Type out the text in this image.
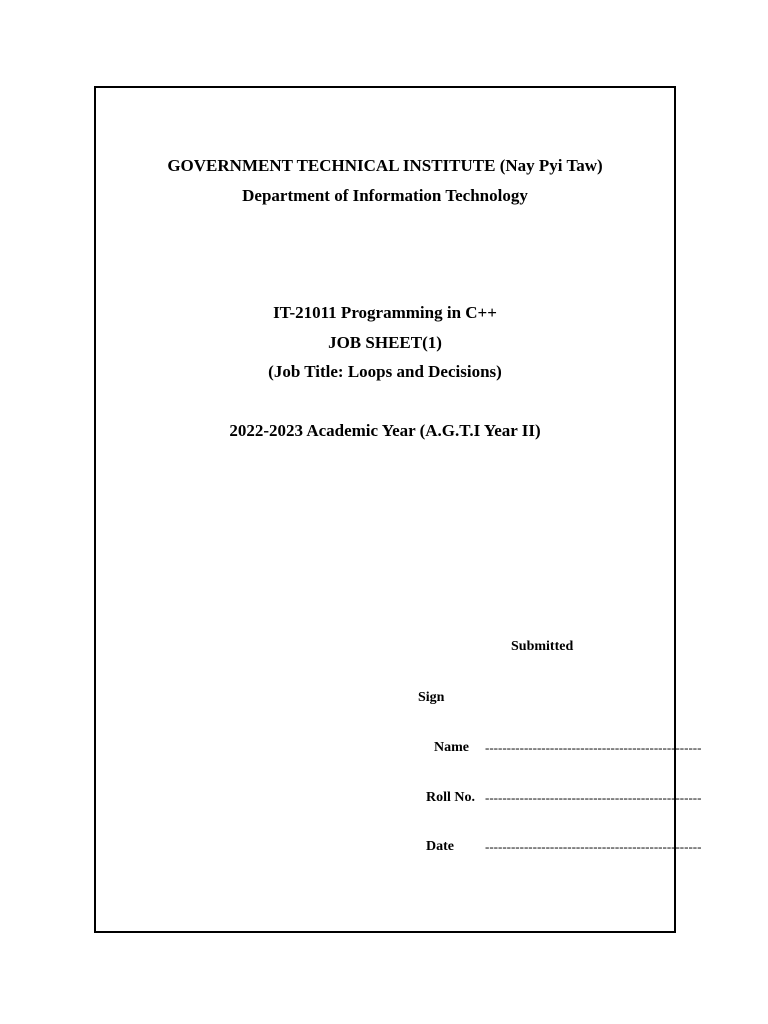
GOVERNMENT TECHNICAL INSTITUTE (Nay Pyi Taw)
Department of Information Technology
IT-21011 Programming in C++
JOB SHEET(1)
(Job Title: Loops and Decisions)
2022-2023 Academic Year (A.G.T.I Year II)
Submitted
Sign
Name --------------------------------------------------
Roll No. --------------------------------------------------
Date --------------------------------------------------
